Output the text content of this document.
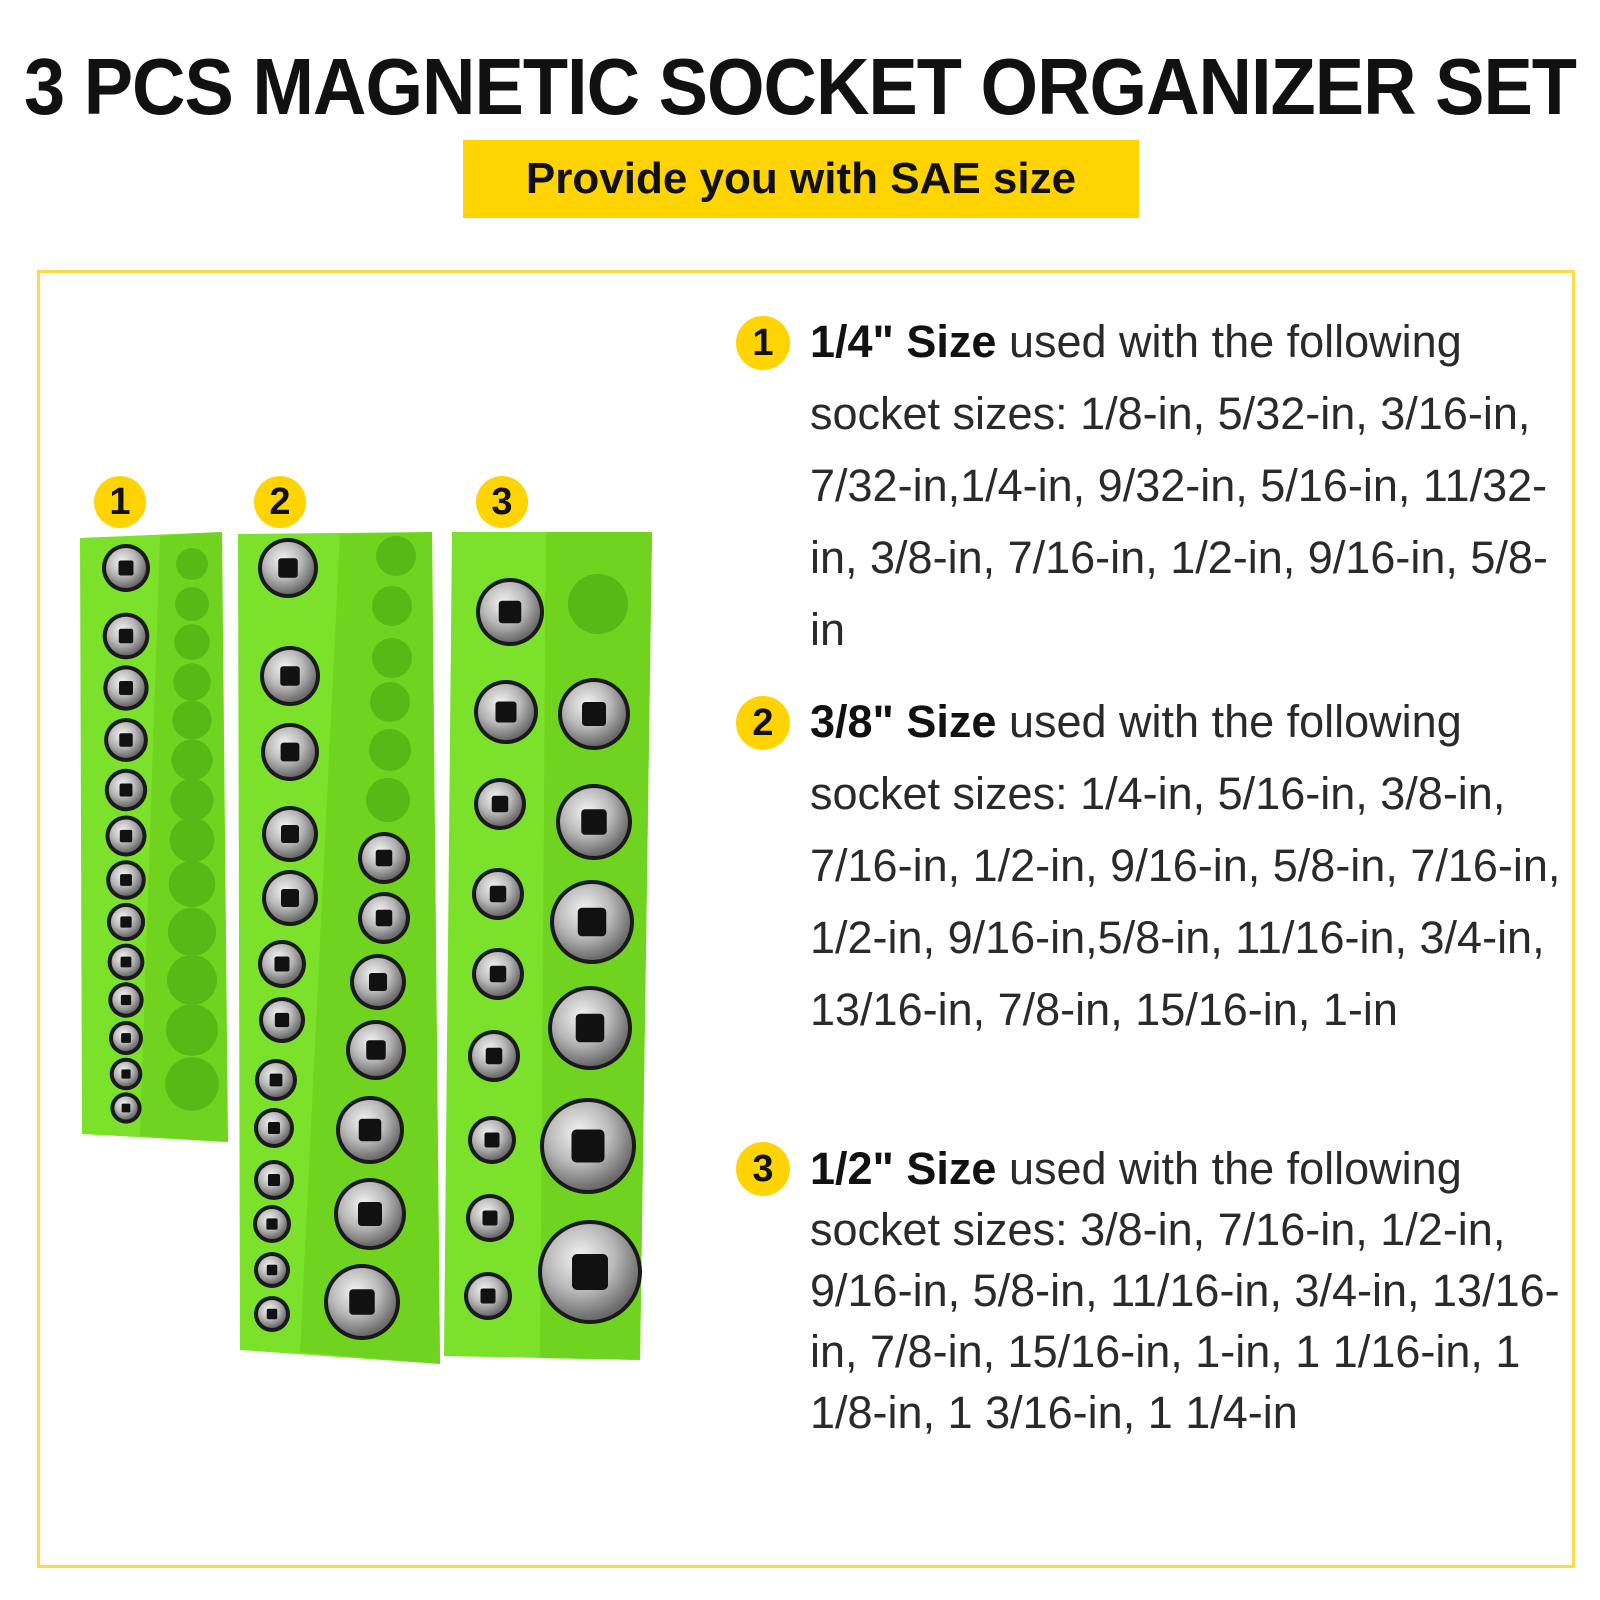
3 PCS MAGNETIC SOCKET ORGANIZER SET
Provide you with SAE size
1	2	3
1 1/4" Size used with the following socket sizes: 1/8-in, 5/32-in, 3/16-in, 7/32-in,1/4-in, 9/32-in, 5/16-in, 11/32-in, 3/8-in, 7/16-in, 1/2-in, 9/16-in, 5/8-in
2 3/8" Size used with the following socket sizes: 1/4-in, 5/16-in, 3/8-in, 7/16-in, 1/2-in, 9/16-in, 5/8-in, 7/16-in, 1/2-in, 9/16-in,5/8-in, 11/16-in, 3/4-in, 13/16-in, 7/8-in, 15/16-in, 1-in
3 1/2" Size used with the following socket sizes: 3/8-in, 7/16-in, 1/2-in, 9/16-in, 5/8-in, 11/16-in, 3/4-in, 13/16-in, 7/8-in, 15/16-in, 1-in, 1 1/16-in, 1 1/8-in, 1 3/16-in, 1 1/4-in
